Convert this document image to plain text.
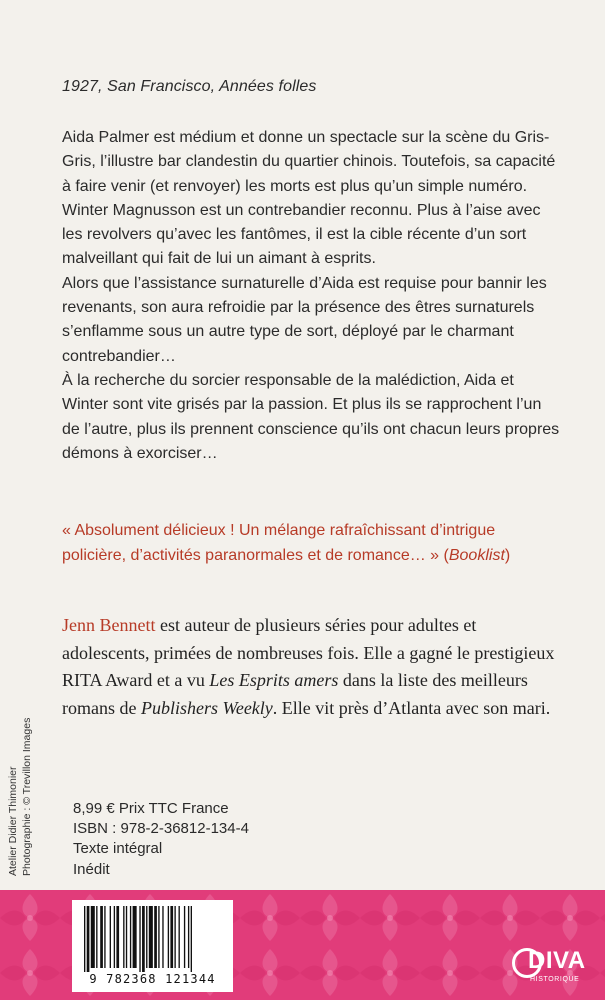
1927, San Francisco, Années folles

Aida Palmer est médium et donne un spectacle sur la scène du Gris-Gris, l’illustre bar clandestin du quartier chinois. Toutefois, sa capacité à faire venir (et renvoyer) les morts est plus qu’un simple numéro.

Winter Magnusson est un contrebandier reconnu. Plus à l’aise avec les revolvers qu’avec les fantômes, il est la cible récente d’un sort malveillant qui fait de lui un aimant à esprits.

Alors que l’assistance surnaturelle d’Aida est requise pour bannir les revenants, son aura refroidie par la présence des êtres surnaturels s’enflamme sous un autre type de sort, déployé par le charmant contrebandier…

À la recherche du sorcier responsable de la malédiction, Aida et Winter sont vite grisés par la passion. Et plus ils se rapprochent l’un de l’autre, plus ils prennent conscience qu’ils ont chacun leurs propres démons à exorciser…

« Absolument délicieux ! Un mélange rafraîchissant d’intrigue policière, d’activités paranormales et de romance… » (Booklist)
Jenn Bennett est auteur de plusieurs séries pour adultes et adolescents, primées de nombreuses fois. Elle a gagné le prestigieux RITA Award et a vu Les Esprits amers dans la liste des meilleurs romans de Publishers Weekly. Elle vit près d’Atlanta avec son mari.
Atelier Didier Thimonier Photographie : © Trevillon Images	8,99 € Prix TTC France
ISBN : 978-2-36812-134-4
Texte intégral
Inédit
9 782368 121344
DIVA
HISTORIQUE
